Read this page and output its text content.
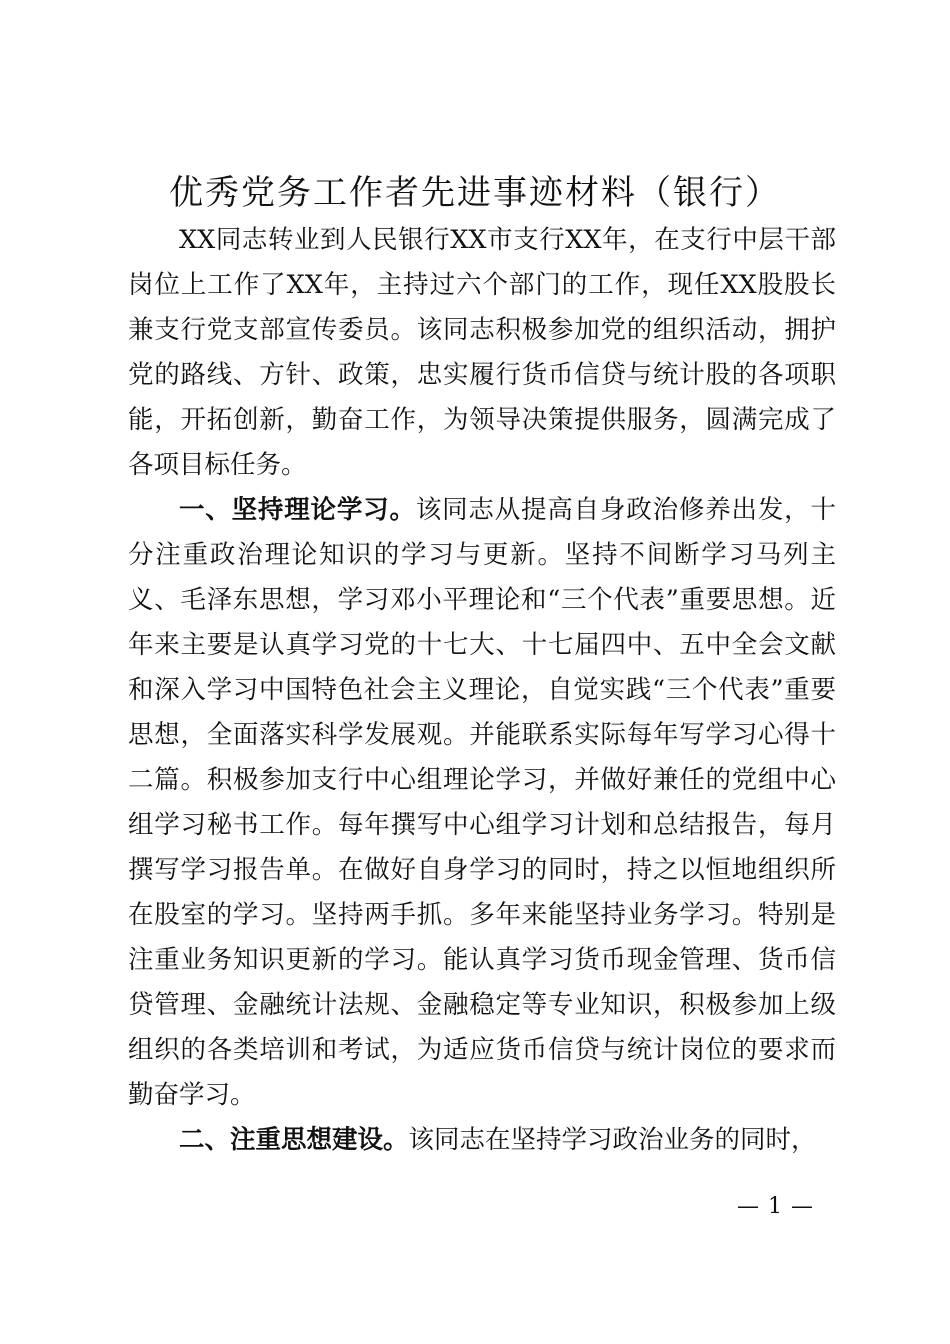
优秀党务工作者先进事迹材料（银行）

XX同志转业到人民银行XX市支行XX年，在支行中层干部岗位上工作了XX年，主持过六个部门的工作，现任XX股股长兼支行党支部宣传委员。该同志积极参加党的组织活动，拥护党的路线、方针、政策，忠实履行货币信贷与统计股的各项职能，开拓创新，勤奋工作，为领导决策提供服务，圆满完成了各项目标任务。

一、坚持理论学习。该同志从提高自身政治修养出发，十分注重政治理论知识的学习与更新。坚持不间断学习马列主义、毛泽东思想，学习邓小平理论和“三个代表”重要思想。近年来主要是认真学习党的十七大、十七届四中、五中全会文献和深入学习中国特色社会主义理论，自觉实践“三个代表”重要思想，全面落实科学发展观。并能联系实际每年写学习心得十二篇。积极参加支行中心组理论学习，并做好兼任的党组中心组学习秘书工作。每年撰写中心组学习计划和总结报告，每月撰写学习报告单。在做好自身学习的同时，持之以恒地组织所在股室的学习。坚持两手抓。多年来能坚持业务学习。特别是注重业务知识更新的学习。能认真学习货币现金管理、货币信贷管理、金融统计法规、金融稳定等专业知识，积极参加上级组织的各类培训和考试，为适应货币信贷与统计岗位的要求而勤奋学习。

二、注重思想建设。该同志在坚持学习政治业务的同时，

— 1 —
